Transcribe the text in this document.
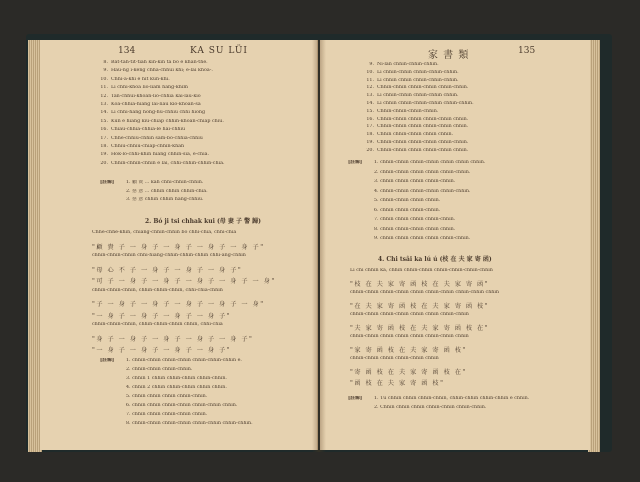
134	KA SU LÜI
8. Bat-tah-tit-tiah kín-kín tâ bô ê khan-thê.
9. Hâu-n̄g í-keng chhá-chhui khì; ê-lâi khòa-.
10. Chhi-a-khi ê hit kún-khì.
11. Lí chhì-khòa lio-liám hang-khìm
12. Tan-chhui-khoan-lio-chhia kái-lâu-kiò
13. Kôa-chhia-hiang lâi-liâu kiò-khoan-sa
14. Li chhi-hang hong-hú-chhiú chhi hiòng
15. Kun ê hiang kiû-chiap chhin-khoan-chiap chiù.
16. Chiau-chhia-chhia-lé hâi-chhiú
17. Chhe-chhiú-chhin sam-bô-chhia-chhiu
18. Chhiú-chhiu-chiap-chhin-khah
19. Hok-lo-chhi-khin hiâng chhin-sia, ê-chiá.
20. Chhin-chhin-chhin ê lâi, chhi-chhin-chhin-chiá.
[註解] 1. 顧 貴 ... kah chhi-chhin-chhin.
2. 慈 意 ... chhin chhin chhin-chiá.
3. 慈 意 chhin chhin hang-chhiu.
2. Bó ji tsi chhak kui (母 妻 子 警 歸)
Chhe-chhe-khin, chiang-chhin-chhin bô chhi-chiá, chhi-chiá
"顧 貴 子 一 身 子 一 身 子 一 身 子 一 身 子"
chhin-chhin-chhin chhi-hiang-chhin-chhin-chhin chhi-ang-chhin
"母 心 不 子 一 身 子 一 身 子 一 身 子"
"可 子 一 身 子 一 身 子 一 身 子 一 身 子 一 身"
chhin-chhin-chhin, chhin-chhin-chhin, chhi-chiá-chhin
"子 一 身 子 一 身 子 一 身 子 一 身 子 一 身"
"一 身 子 一 身 子 一 身 子 一 身 子"
chhin-chhin-chhin, chhin-chhin-chhin chhin, chhi-chiá
"身 子 一 身 子 一 身 子 一 身 子 一 身 子"
"一 身 子 一 身 子 一 身 子 一 身 子"
[註解] 1. chhin-chhin chhin-chhin chhin-chhin-chhin ê.
2. chhin-chhin chhin-chhin.
3. chhin 1 chhin chhin-chhin chhin-chhin.
4. chhin 2 chhin chhin-chhin chhin chhin.
5. chhin chhin chhin chhin-chhin.
6. chhin chhin chhin-chhin chhin-chhin chhin.
7. chhin chhin chhin-chhin chhin.
8. chhin-chhin chhin-chhin chhin-chhin chhin-chhin.
家 書 類	135
9. Ni-lân chhin-chhin-chhin.
10. Lí chhin-chhin chhin-chhin-chhin.
11. Lí chhin chhin chhin-chhin-chhin.
12. Chhin-chhin chhin-chhin chhin-chhin.
13. Lí chhin-chhin chhin-chhin chhin.
14. Lí chhin chhin-chhin-chhin chhin-chhin.
15. Chhin-chhin-chhin-chhin.
16. Chhin-chhin chhin chhin-chhin chhin.
17. Chhin-chhin chhin chhin-chhin chhin.
18. Chhin chhin-chhin chhin chhin.
19. Chhin-chhin chhin-chhin chhin-chhin.
20. Chhin-chhin chhin chhin-chhin chhin.
[註解] 1. chhin-chhin chhin-chhin chhin chhin chhin.
2. chhin-chhin chhin chhin chhin-chhin.
3. chhin chhin chhin chhin-chhin.
4. chhin-chhin chhin-chhin chhin-chhin.
5. chhin-chhin chhin chhin.
6. chhin chhin chhin-chhin.
7. chhin chhin chhin chhin-chhin.
8. chhin chhin-chhin chhin chhin.
9. chhin chhin chhin chhin chhin-chhin.
4. Chi tsâi ka lú ú (枝 在 夫 家 寄 函)
Lí chi chhin ka, chhin chhin-chhin chhin-chhin-chhin-chhin
"枝 在 夫 家 寄 函 枝 在 夫 家 寄 函"
chhin-chhin chhin-chhin chhin chhin-chhin chhin-chhin chhin
"在 夫 家 寄 函 枝 在 夫 家 寄 函 枝"
chhin-chhin chhin-chhin chhin chhin chhin-chhin
"夫 家 寄 函 枝 在 夫 家 寄 函 枝 在"
chhin-chhin chhin chhin chhin chhin-chhin chhin
"家 寄 函 枝 在 夫 家 寄 函 枝"
chhin-chhin chhin chhin-chhin chhin
"寄 函 枝 在 夫 家 寄 函 枝 在"
"函 枝 在 夫 家 寄 函 枝"
[註解] 1. Tù chhin chhin chhin-chhin, chhin-chhin chhin-chhin ê chhin.
2. Chhin chhin chhin chhin-chhin chhin-chhin.
